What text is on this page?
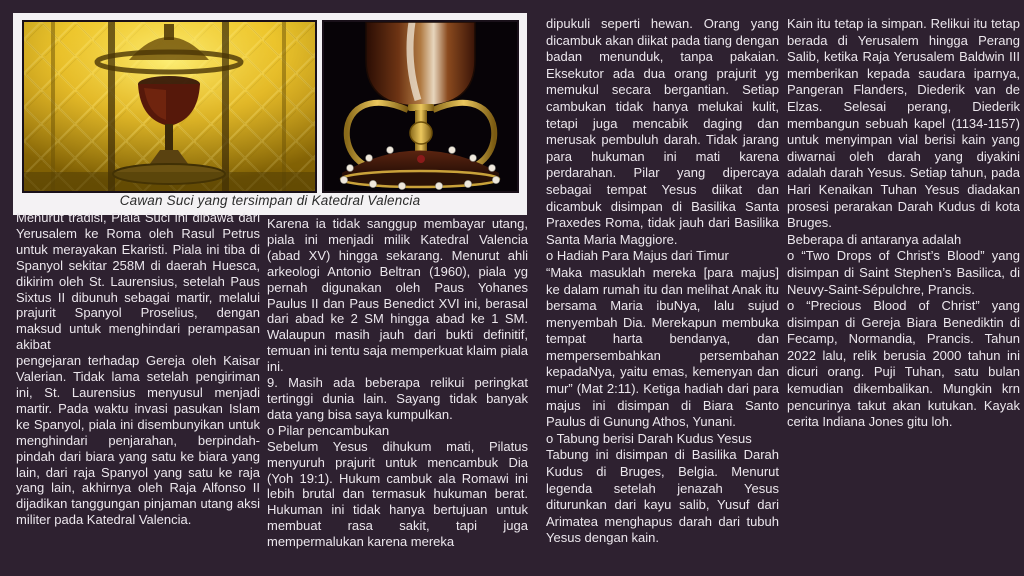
Cawan Suci yang tersimpan di Katedral Valencia

Menurut tradisi, Piala Suci ini dibawa dari Yerusalem ke Roma oleh Rasul Petrus untuk merayakan Ekaristi. Piala ini tiba di Spanyol sekitar 258M di daerah Huesca, dikirim oleh St. Laurensius, setelah Paus Sixtus II dibunuh sebagai martir, melalui prajurit Spanyol Proselius, dengan maksud untuk menghindari perampasan akibat

pengejaran terhadap Gereja oleh Kaisar Valerian. Tidak lama setelah pengiriman ini, St. Laurensius menyusul menjadi martir. Pada waktu invasi pasukan Islam ke Spanyol, piala ini disembunyikan untuk menghindari penjarahan, berpindah-pindah dari biara yang satu ke biara yang lain, dari raja Spanyol yang satu ke raja yang lain, akhirnya oleh Raja Alfonso II dijadikan tanggungan pinjaman utang aksi militer pada Katedral Valencia.

Karena ia tidak sanggup membayar utang, piala ini menjadi milik Katedral Valencia (abad XV) hingga sekarang. Menurut ahli arkeologi Antonio Beltran (1960), piala yg pernah digunakan oleh Paus Yohanes Paulus II dan Paus Benedict XVI ini, berasal dari abad ke 2 SM hingga abad ke 1 SM. Walaupun masih jauh dari bukti definitif, temuan ini tentu saja memperkuat klaim piala ini.

9. Masih ada beberapa relikui peringkat tertinggi dunia lain. Sayang tidak banyak data yang bisa saya kumpulkan.

o Pilar pencambukan

Sebelum Yesus dihukum mati, Pilatus menyuruh prajurit untuk mencambuk Dia (Yoh 19:1). Hukum cambuk ala Romawi ini lebih brutal dan termasuk hukuman berat. Hukuman ini tidak hanya bertujuan untuk membuat rasa sakit, tapi juga mempermalukan karena mereka

dipukuli seperti hewan. Orang yang dicambuk akan diikat pada tiang dengan badan menunduk, tanpa pakaian. Eksekutor ada dua orang prajurit yg memukul secara bergantian. Setiap cambukan tidak hanya melukai kulit, tetapi juga mencabik daging dan merusak pembuluh darah. Tidak jarang para hukuman ini mati karena perdarahan. Pilar yang dipercaya sebagai tempat Yesus diikat dan dicambuk disimpan di Basilika Santa Praxedes Roma, tidak jauh dari Basilika Santa Maria Maggiore.

o Hadiah Para Majus dari Timur

“Maka masuklah mereka [para majus] ke dalam rumah itu dan melihat Anak itu bersama Maria ibuNya, lalu sujud menyembah Dia. Merekapun membuka tempat harta bendanya, dan mempersembahkan persembahan kepadaNya, yaitu emas, kemenyan dan mur” (Mat 2:11). Ketiga hadiah dari para majus ini disimpan di Biara Santo Paulus di Gunung Athos, Yunani.

o Tabung berisi Darah Kudus Yesus

Tabung ini disimpan di Basilika Darah Kudus di Bruges, Belgia. Menurut legenda setelah jenazah Yesus diturunkan dari kayu salib, Yusuf dari Arimatea menghapus darah dari tubuh Yesus dengan kain.

Kain itu tetap ia simpan. Relikui itu tetap berada di Yerusalem hingga Perang Salib, ketika Raja Yerusalem Baldwin III memberikan kepada saudara iparnya, Pangeran Flanders, Diederik van de Elzas. Selesai perang, Diederik membangun sebuah kapel (1134-1157) untuk menyimpan vial berisi kain yang diwarnai oleh darah yang diyakini adalah darah Yesus. Setiap tahun, pada Hari Kenaikan Tuhan Yesus diadakan prosesi perarakan Darah Kudus di kota Bruges.

Beberapa di antaranya adalah

o “Two Drops of Christ’s Blood” yang disimpan di Saint Stephen’s Basilica, di Neuvy-Saint-Sépulchre, Prancis.

o “Precious Blood of Christ” yang disimpan di Gereja Biara Benediktin di Fecamp, Normandia, Prancis. Tahun 2022 lalu, relik berusia 2000 tahun ini dicuri orang. Puji Tuhan, satu bulan kemudian dikembalikan. Mungkin krn pencurinya takut akan kutukan. Kayak cerita Indiana Jones gitu loh.
